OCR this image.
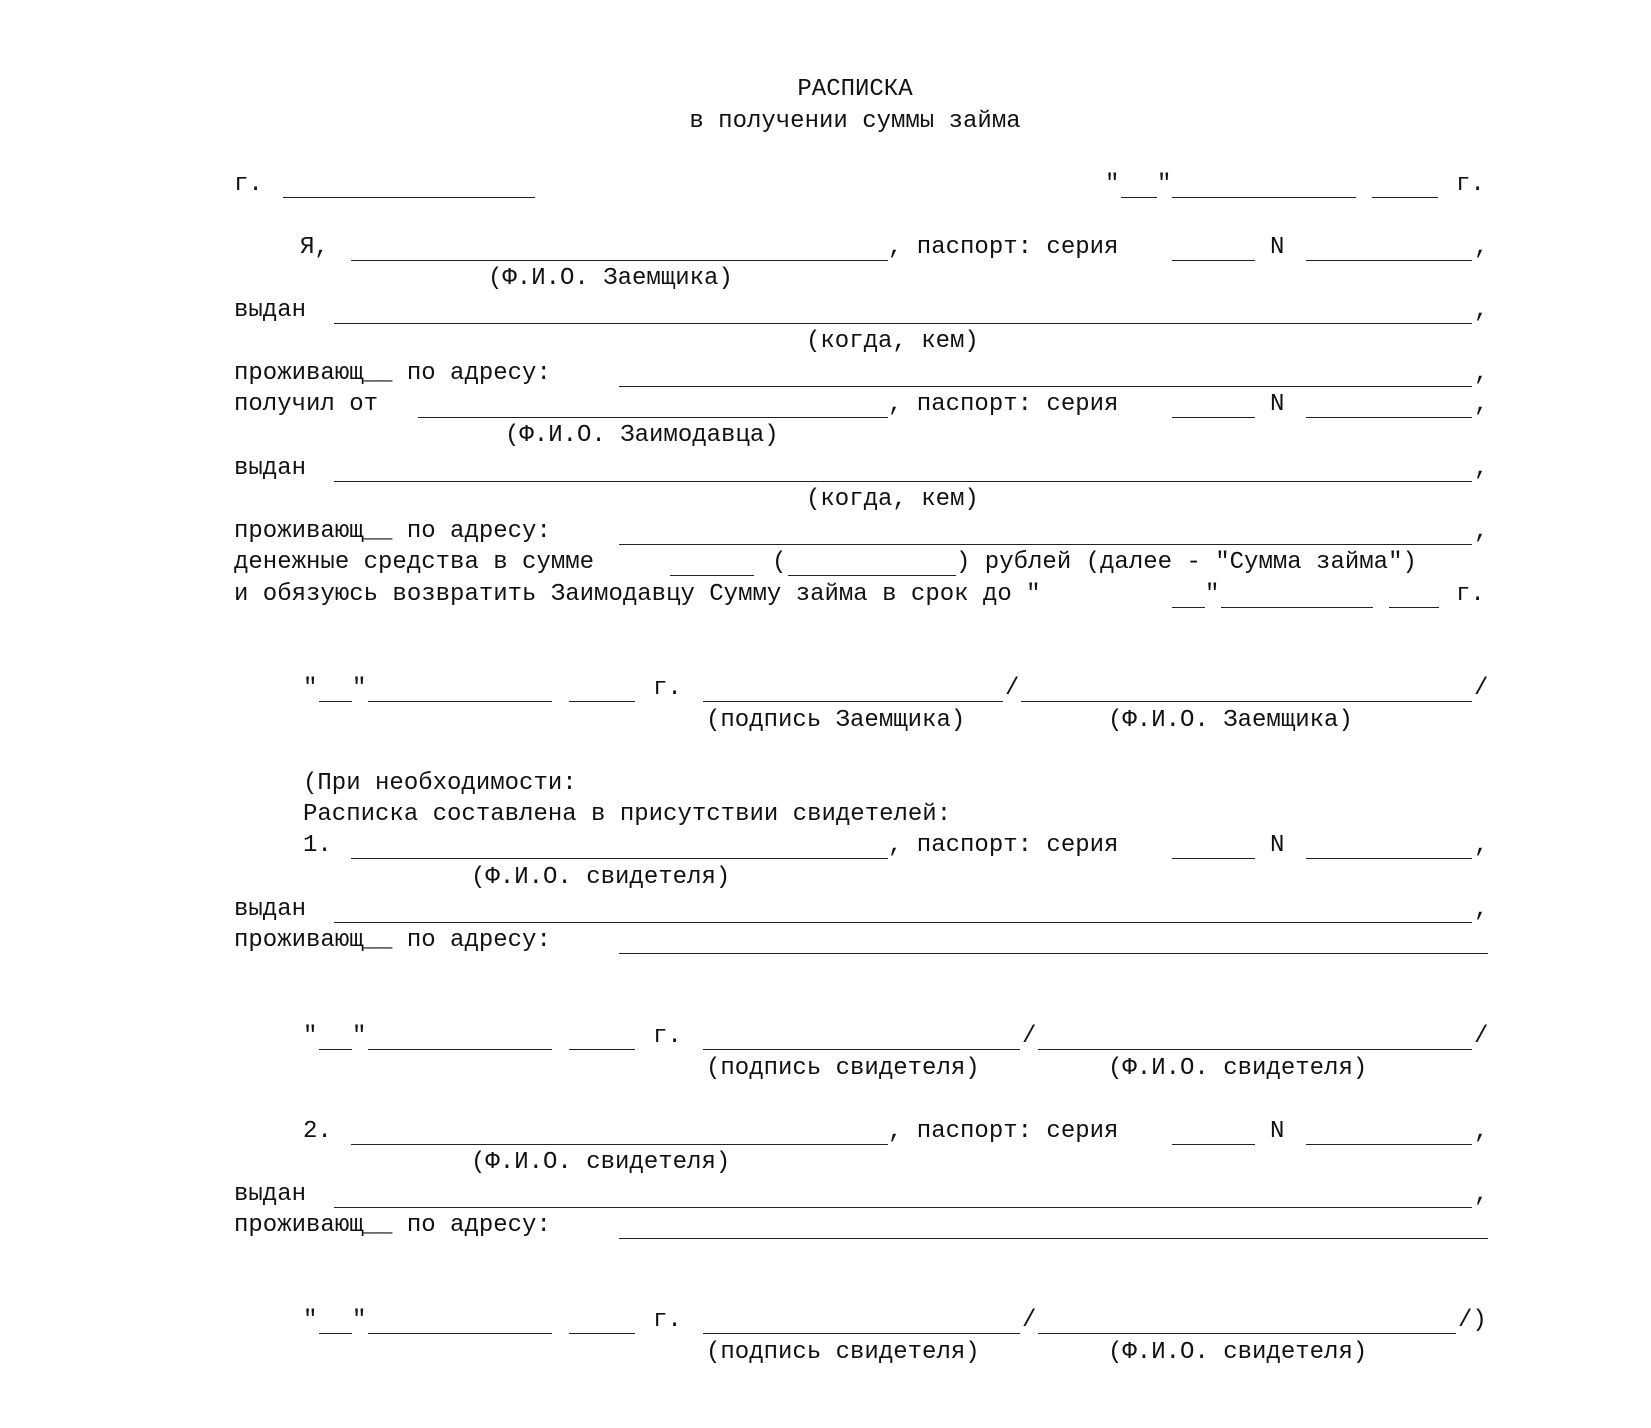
РАСПИСКА
в получении суммы займа
г.	" "	г.
Я,	, паспорт: серия	N	,
(Ф.И.О. Заемщика)
выдан	,
(когда, кем)
проживающ__ по адресу:	,
получил от	, паспорт: серия	N	,
(Ф.И.О. Заимодавца)
выдан	,
(когда, кем)
проживающ__ по адресу:	,
денежные средства в сумме	(	) рублей (далее - "Сумма займа")
и обязуюсь возвратить Заимодавцу Сумму займа в срок до "	"	г.
" "	г.	/	/
(подпись Заемщика)	(Ф.И.О. Заемщика)
(При необходимости:
Расписка составлена в присутствии свидетелей:
1.	, паспорт: серия	N	,
(Ф.И.О. свидетеля)
выдан	,
проживающ__ по адресу:
" "	г.	/	/
(подпись свидетеля)	(Ф.И.О. свидетеля)
2.	, паспорт: серия	N	,
(Ф.И.О. свидетеля)
выдан	,
проживающ__ по адресу:
" "	г.	/	/)
(подпись свидетеля)	(Ф.И.О. свидетеля)
